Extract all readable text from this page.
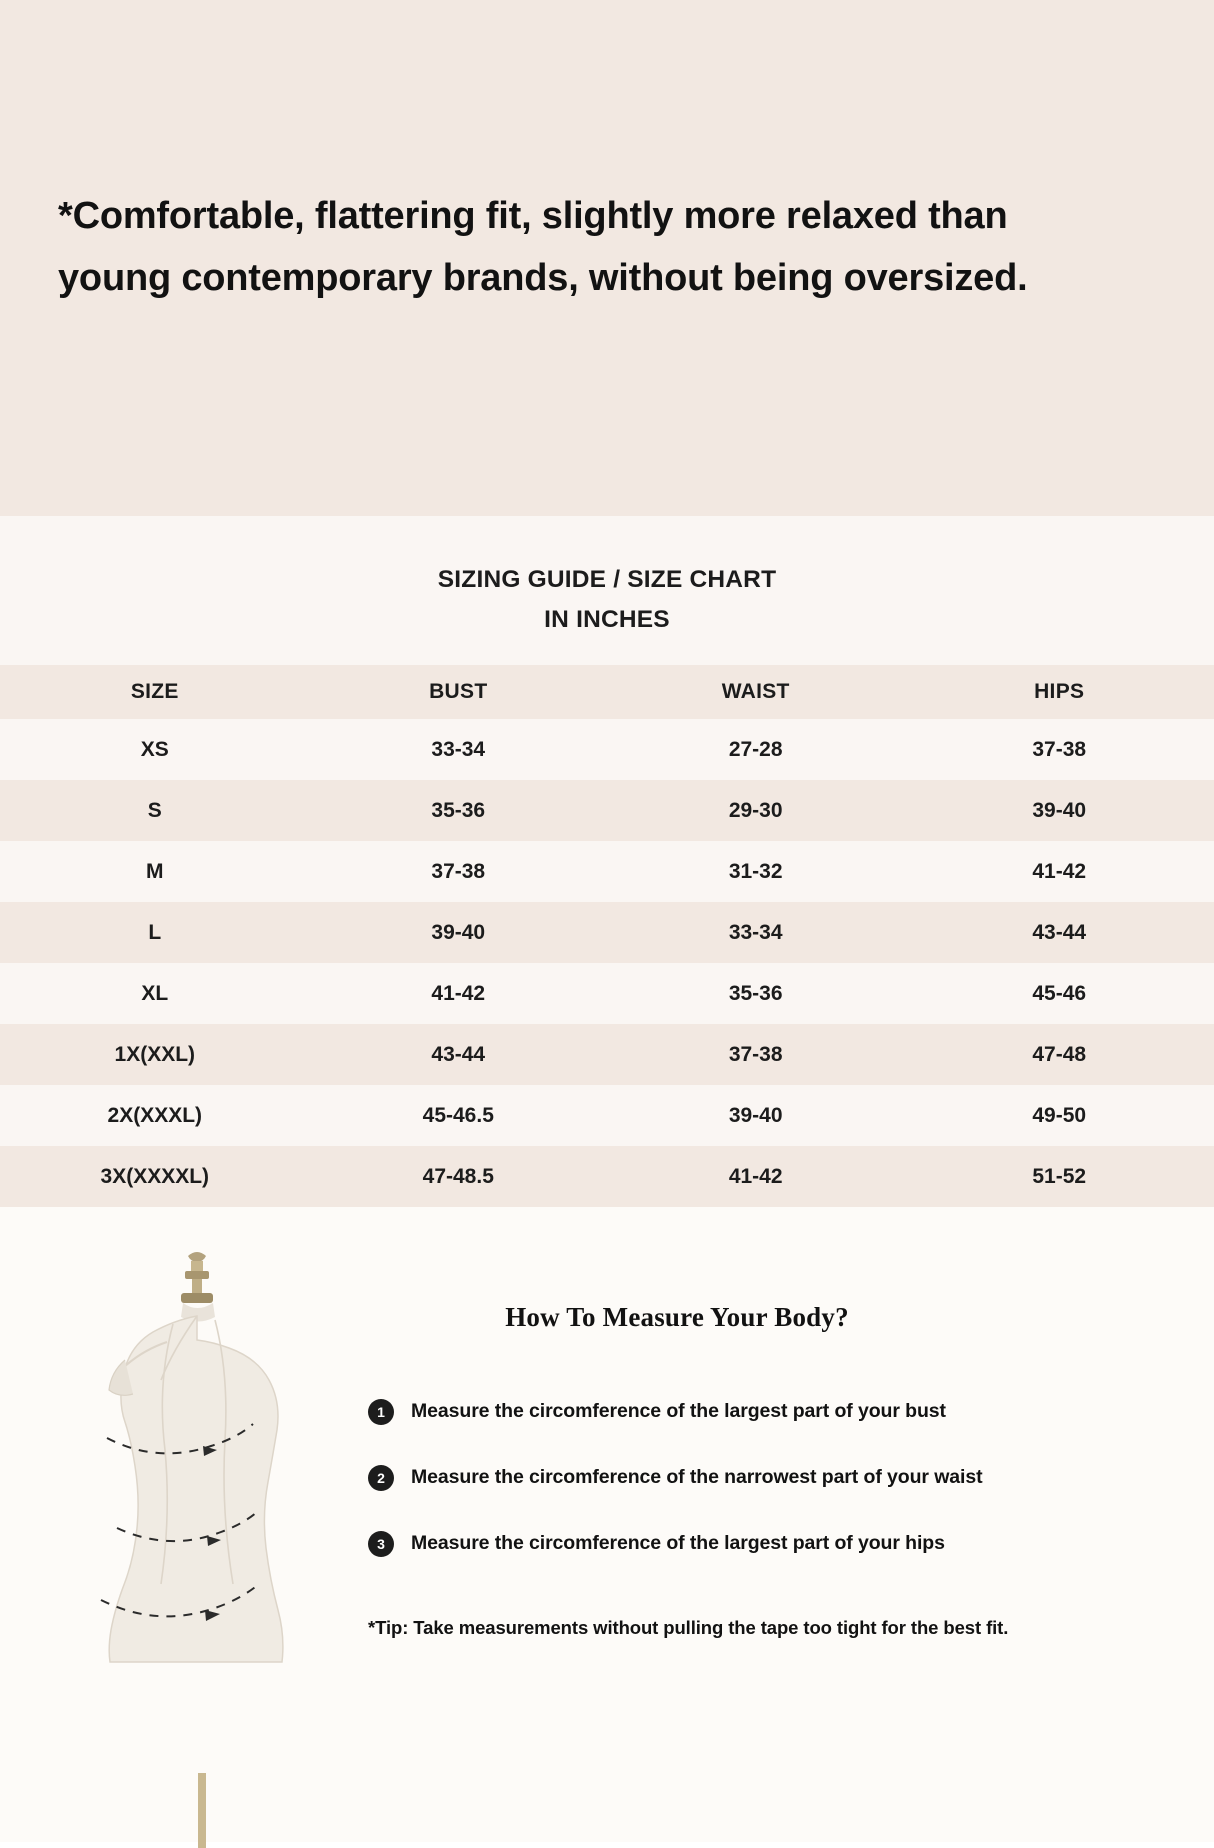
*Comfortable, flattering fit, slightly more relaxed than young contemporary brands, without being oversized.

SIZING GUIDE / SIZE CHART
IN INCHES
SIZE	BUST	WAIST	HIPS
XS	33-34	27-28	37-38
S	35-36	29-30	39-40
M	37-38	31-32	41-42
L	39-40	33-34	43-44
XL	41-42	35-36	45-46
1X(XXL)	43-44	37-38	47-48
2X(XXXL)	45-46.5	39-40	49-50
3X(XXXXL)	47-48.5	41-42	51-52
How To Measure Your Body?
1	Measure the circomference of the largest part of your bust
2	Measure the circomference of the narrowest part of your waist
3	Measure the circomference of the largest part of your hips

*Tip: Take measurements without pulling the tape too tight for the best fit.
